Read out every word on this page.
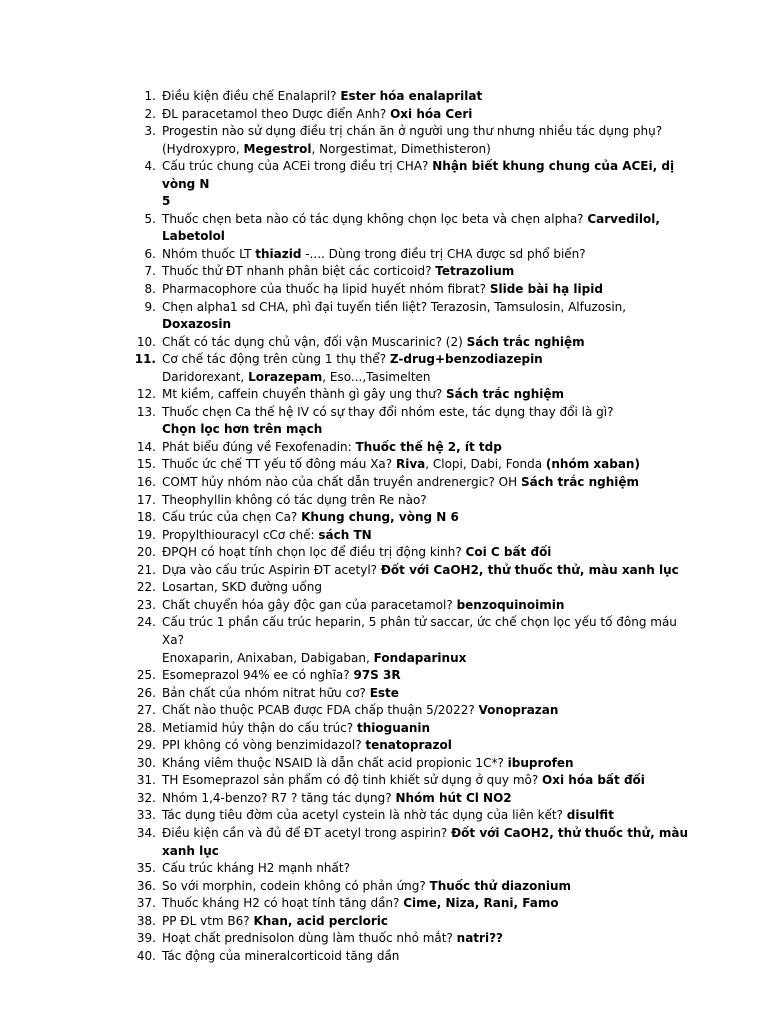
1. Điều kiện điều chế Enalapril? Ester hóa enalaprilat
2. ĐL paracetamol theo Dược điển Anh? Oxi hóa Ceri
3. Progestin nào sử dụng điều trị chán ăn ở người ung thư nhưng nhiều tác dụng phụ?
(Hydroxypro, Megestrol, Norgestimat, Dimethisteron)
4. Cấu trúc chung của ACEi trong điều trị CHA? Nhận biết khung chung của ACEi, dị vòng N
5
5. Thuốc chẹn beta nào có tác dụng không chọn lọc beta và chẹn alpha? Carvedilol,
Labetolol
6. Nhóm thuốc LT thiazid -.... Dùng trong điều trị CHA được sd phổ biến?
7. Thuốc thử ĐT nhanh phân biệt các corticoid? Tetrazolium
8. Pharmacophore của thuốc hạ lipid huyết nhóm fibrat? Slide bài hạ lipid
9. Chẹn alpha1 sd CHA, phì đại tuyến tiền liệt? Terazosin, Tamsulosin, Alfuzosin, Doxazosin
10. Chất có tác dụng chủ vận, đối vận Muscarinic? (2) Sách trắc nghiệm
11. Cơ chế tác động trên cùng 1 thụ thể? Z-drug+benzodiazepin
Daridorexant, Lorazepam, Eso...,Tasimelten
12. Mt kiềm, caffein chuyển thành gì gây ung thư? Sách trắc nghiệm
13. Thuốc chẹn Ca thế hệ IV có sự thay đổi nhóm este, tác dụng thay đổi là gì?
Chọn lọc hơn trên mạch
14. Phát biểu đúng về Fexofenadin: Thuốc thế hệ 2, ít tdp
15. Thuốc ức chế TT yếu tố đông máu Xa? Riva, Clopi, Dabi, Fonda (nhóm xaban)
16. COMT hủy nhóm nào của chất dẫn truyền andrenergic? OH Sách trắc nghiệm
17. Theophyllin không có tác dụng trên Re nào?
18. Cấu trúc của chẹn Ca? Khung chung, vòng N 6
19. Propylthiouracyl cCơ chế: sách TN
20. ĐPQH có hoạt tính chọn lọc để điều trị động kinh? Coi C bất đối
21. Dựa vào cấu trúc Aspirin ĐT acetyl? Đốt với CaOH2, thử thuốc thử, màu xanh lục
22. Losartan, SKD đường uống
23. Chất chuyển hóa gây độc gan của paracetamol? benzoquinoimin
24. Cấu trúc 1 phần cấu trúc heparin, 5 phân tử saccar, ức chế chọn lọc yếu tố đông máu Xa?
Enoxaparin, Anixaban, Dabigaban, Fondaparinux
25. Esomeprazol 94% ee có nghĩa? 97S 3R
26. Bản chất của nhóm nitrat hữu cơ? Este
27. Chất nào thuộc PCAB được FDA chấp thuận 5/2022? Vonoprazan
28. Metiamid hủy thận do cấu trúc? thioguanin
29. PPI không có vòng benzimidazol? tenatoprazol
30. Kháng viêm thuộc NSAID là dẫn chất acid propionic 1C*? ibuprofen
31. TH Esomeprazol sản phẩm có độ tinh khiết sử dụng ở quy mô? Oxi hóa bất đối
32. Nhóm 1,4-benzo? R7 ? tăng tác dụng? Nhóm hút Cl NO2
33. Tác dụng tiêu đờm của acetyl cystein là nhờ tác dụng của liên kết? disulfit
34. Điều kiện cần và đủ để ĐT acetyl trong aspirin? Đốt với CaOH2, thử thuốc thử, màu
xanh lục
35. Cấu trúc kháng H2 mạnh nhất?
36. So với morphin, codein không có phản ứng? Thuốc thử diazonium
37. Thuốc kháng H2 có hoạt tính tăng dần? Cime, Niza, Rani, Famo
38. PP ĐL vtm B6? Khan, acid percloric
39. Hoạt chất prednisolon dùng làm thuốc nhỏ mắt? natri??
40. Tác động của mineralcorticoid tăng dần
